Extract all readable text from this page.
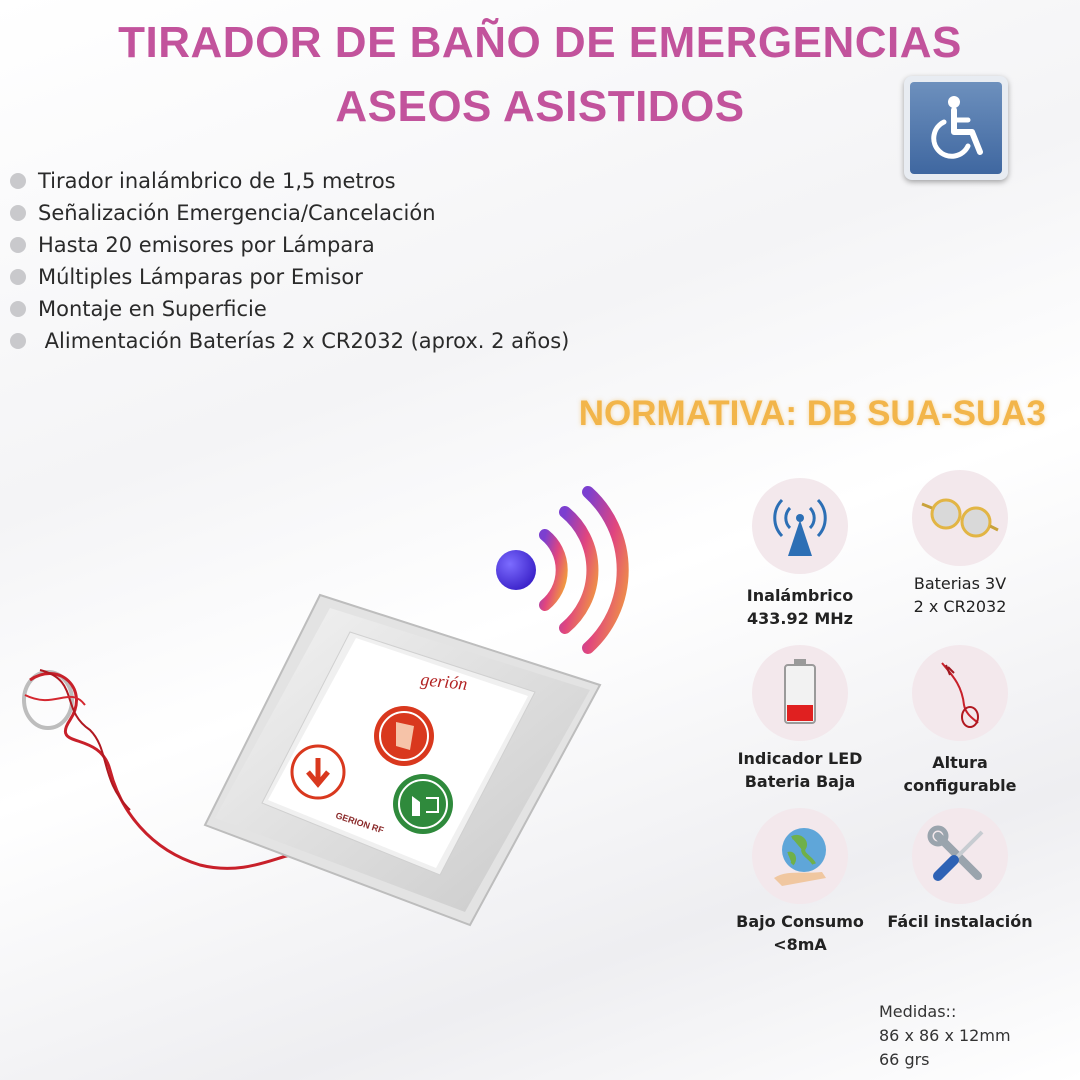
TIRADOR DE BAÑO DE EMERGENCIAS
ASEOS ASISTIDOS
Tirador inalámbrico de 1,5 metros
Señalización Emergencia/Cancelación
Hasta 20 emisores por Lámpara
Múltiples Lámparas por Emisor
Montaje en Superficie
Alimentación Baterías 2 x CR2032 (aprox. 2 años)
NORMATIVA: DB SUA-SUA3
gerión
GERION RF
Inalámbrico
433.92 MHz
Baterias 3V
2 x CR2032
Indicador LED
Bateria Baja
Altura
configurable
Bajo Consumo
<8mA
Fácil instalación
Medidas::
86 x 86 x 12mm
66 grs
